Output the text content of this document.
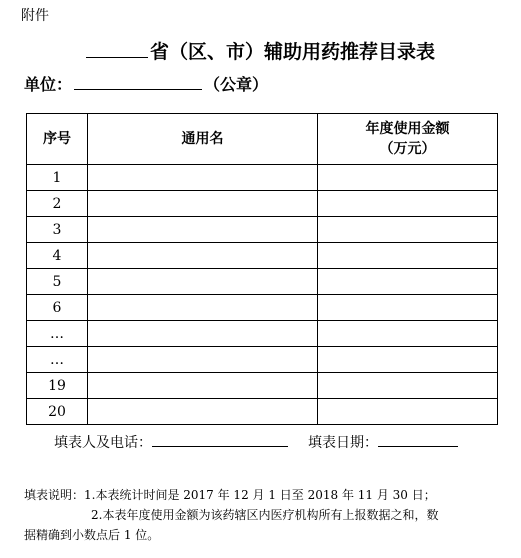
附件
省（区、市）辅助用药推荐目录表
单位：	（公章）
序号	通用名	年度使用金额
（万元）

1		
2		
3		
4		
5		
6		
…		
…		
19		
20		
填表人及电话：	填表日期：
填表说明：1.本表统计时间是 2017 年 12 月 1 日至 2018 年 11 月 30 日；
2.本表年度使用金额为该药辖区内医疗机构所有上报数据之和，数
据精确到小数点后 1 位。
